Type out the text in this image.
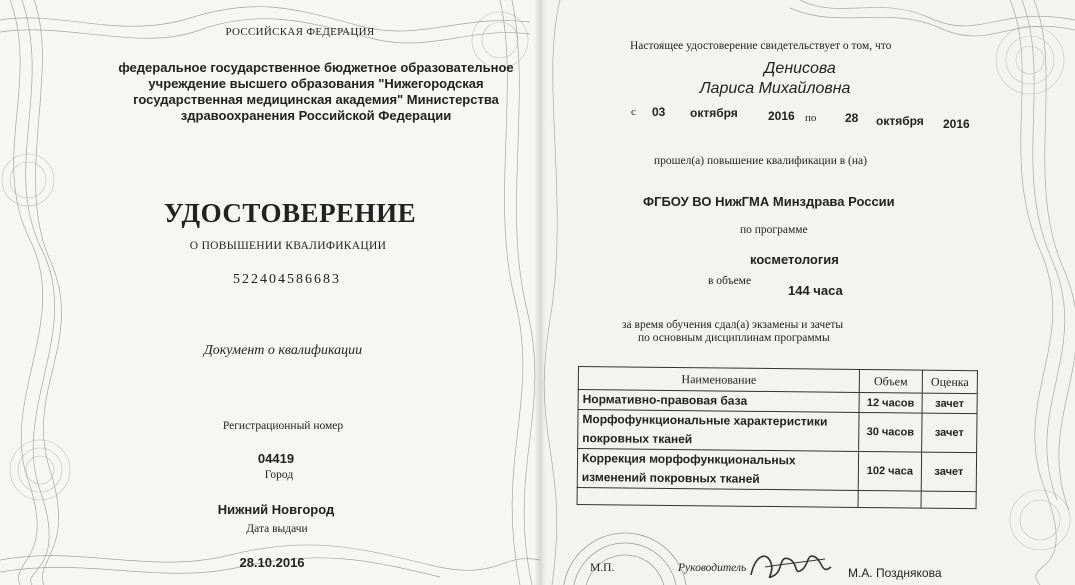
РОССИЙСКАЯ ФЕДЕРАЦИЯ
федеральное государственное бюджетное образовательное
учреждение высшего образования "Нижегородская
государственная медицинская академия" Министерства
здравоохранения Российской Федерации
УДОСТОВЕРЕНИЕ
О ПОВЫШЕНИИ КВАЛИФИКАЦИИ
522404586683
Документ о квалификации
Регистрационный номер
04419
Город
Нижний Новгород
Дата выдачи
28.10.2016
Настоящее удостоверение свидетельствует о том, что
Денисова
Лариса Михайловна
с 03 октября	2016 по 28 октября 2016
прошел(а) повышение квалификации в (на)
ФГБОУ ВО НижГМА Минздрава России
по программе
косметология
в объеме
144 часа
за время обучения сдал(а) экзамены и зачеты
по основным дисциплинам программы
Наименование	Объем	Оценка
Нормативно-правовая база	12 часов	зачет
Морфофункциональные характеристики покровных тканей	30 часов	зачет
Коррекция морфофункциональных изменений покровных тканей	102 часа	зачет

М.П.	Руководитель	М.А. Позднякова
